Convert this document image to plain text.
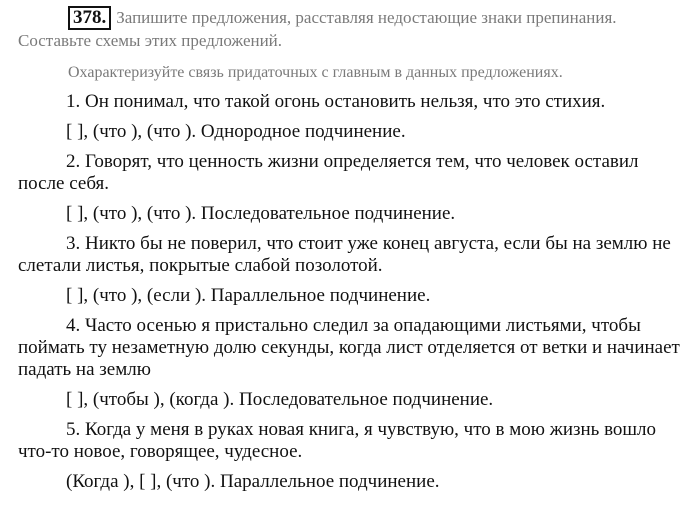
378. Запишите предложения, расставляя недостающие знаки препинания. Составьте схемы этих предложений.

Охарактеризуйте связь придаточных с главным в данных предложениях.

1. Он понимал, что такой огонь остановить нельзя, что это стихия.

[ ], (что ), (что ). Однородное подчинение.

2. Говорят, что ценность жизни определяется тем, что человек оставил после себя.

[ ], (что ), (что ). Последовательное подчинение.

3. Никто бы не поверил, что стоит уже конец августа, если бы на землю не слетали листья, покрытые слабой позолотой.

[ ], (что ), (если ). Параллельное подчинение.

4. Часто осенью я пристально следил за опадающими листьями, чтобы поймать ту незаметную долю секунды, когда лист отделяется от ветки и начинает падать на землю

[ ], (чтобы ), (когда ). Последовательное подчинение.

5. Когда у меня в руках новая книга, я чувствую, что в мою жизнь вошло что-то новое, говорящее, чудесное.

(Когда ), [ ], (что ). Параллельное подчинение.
